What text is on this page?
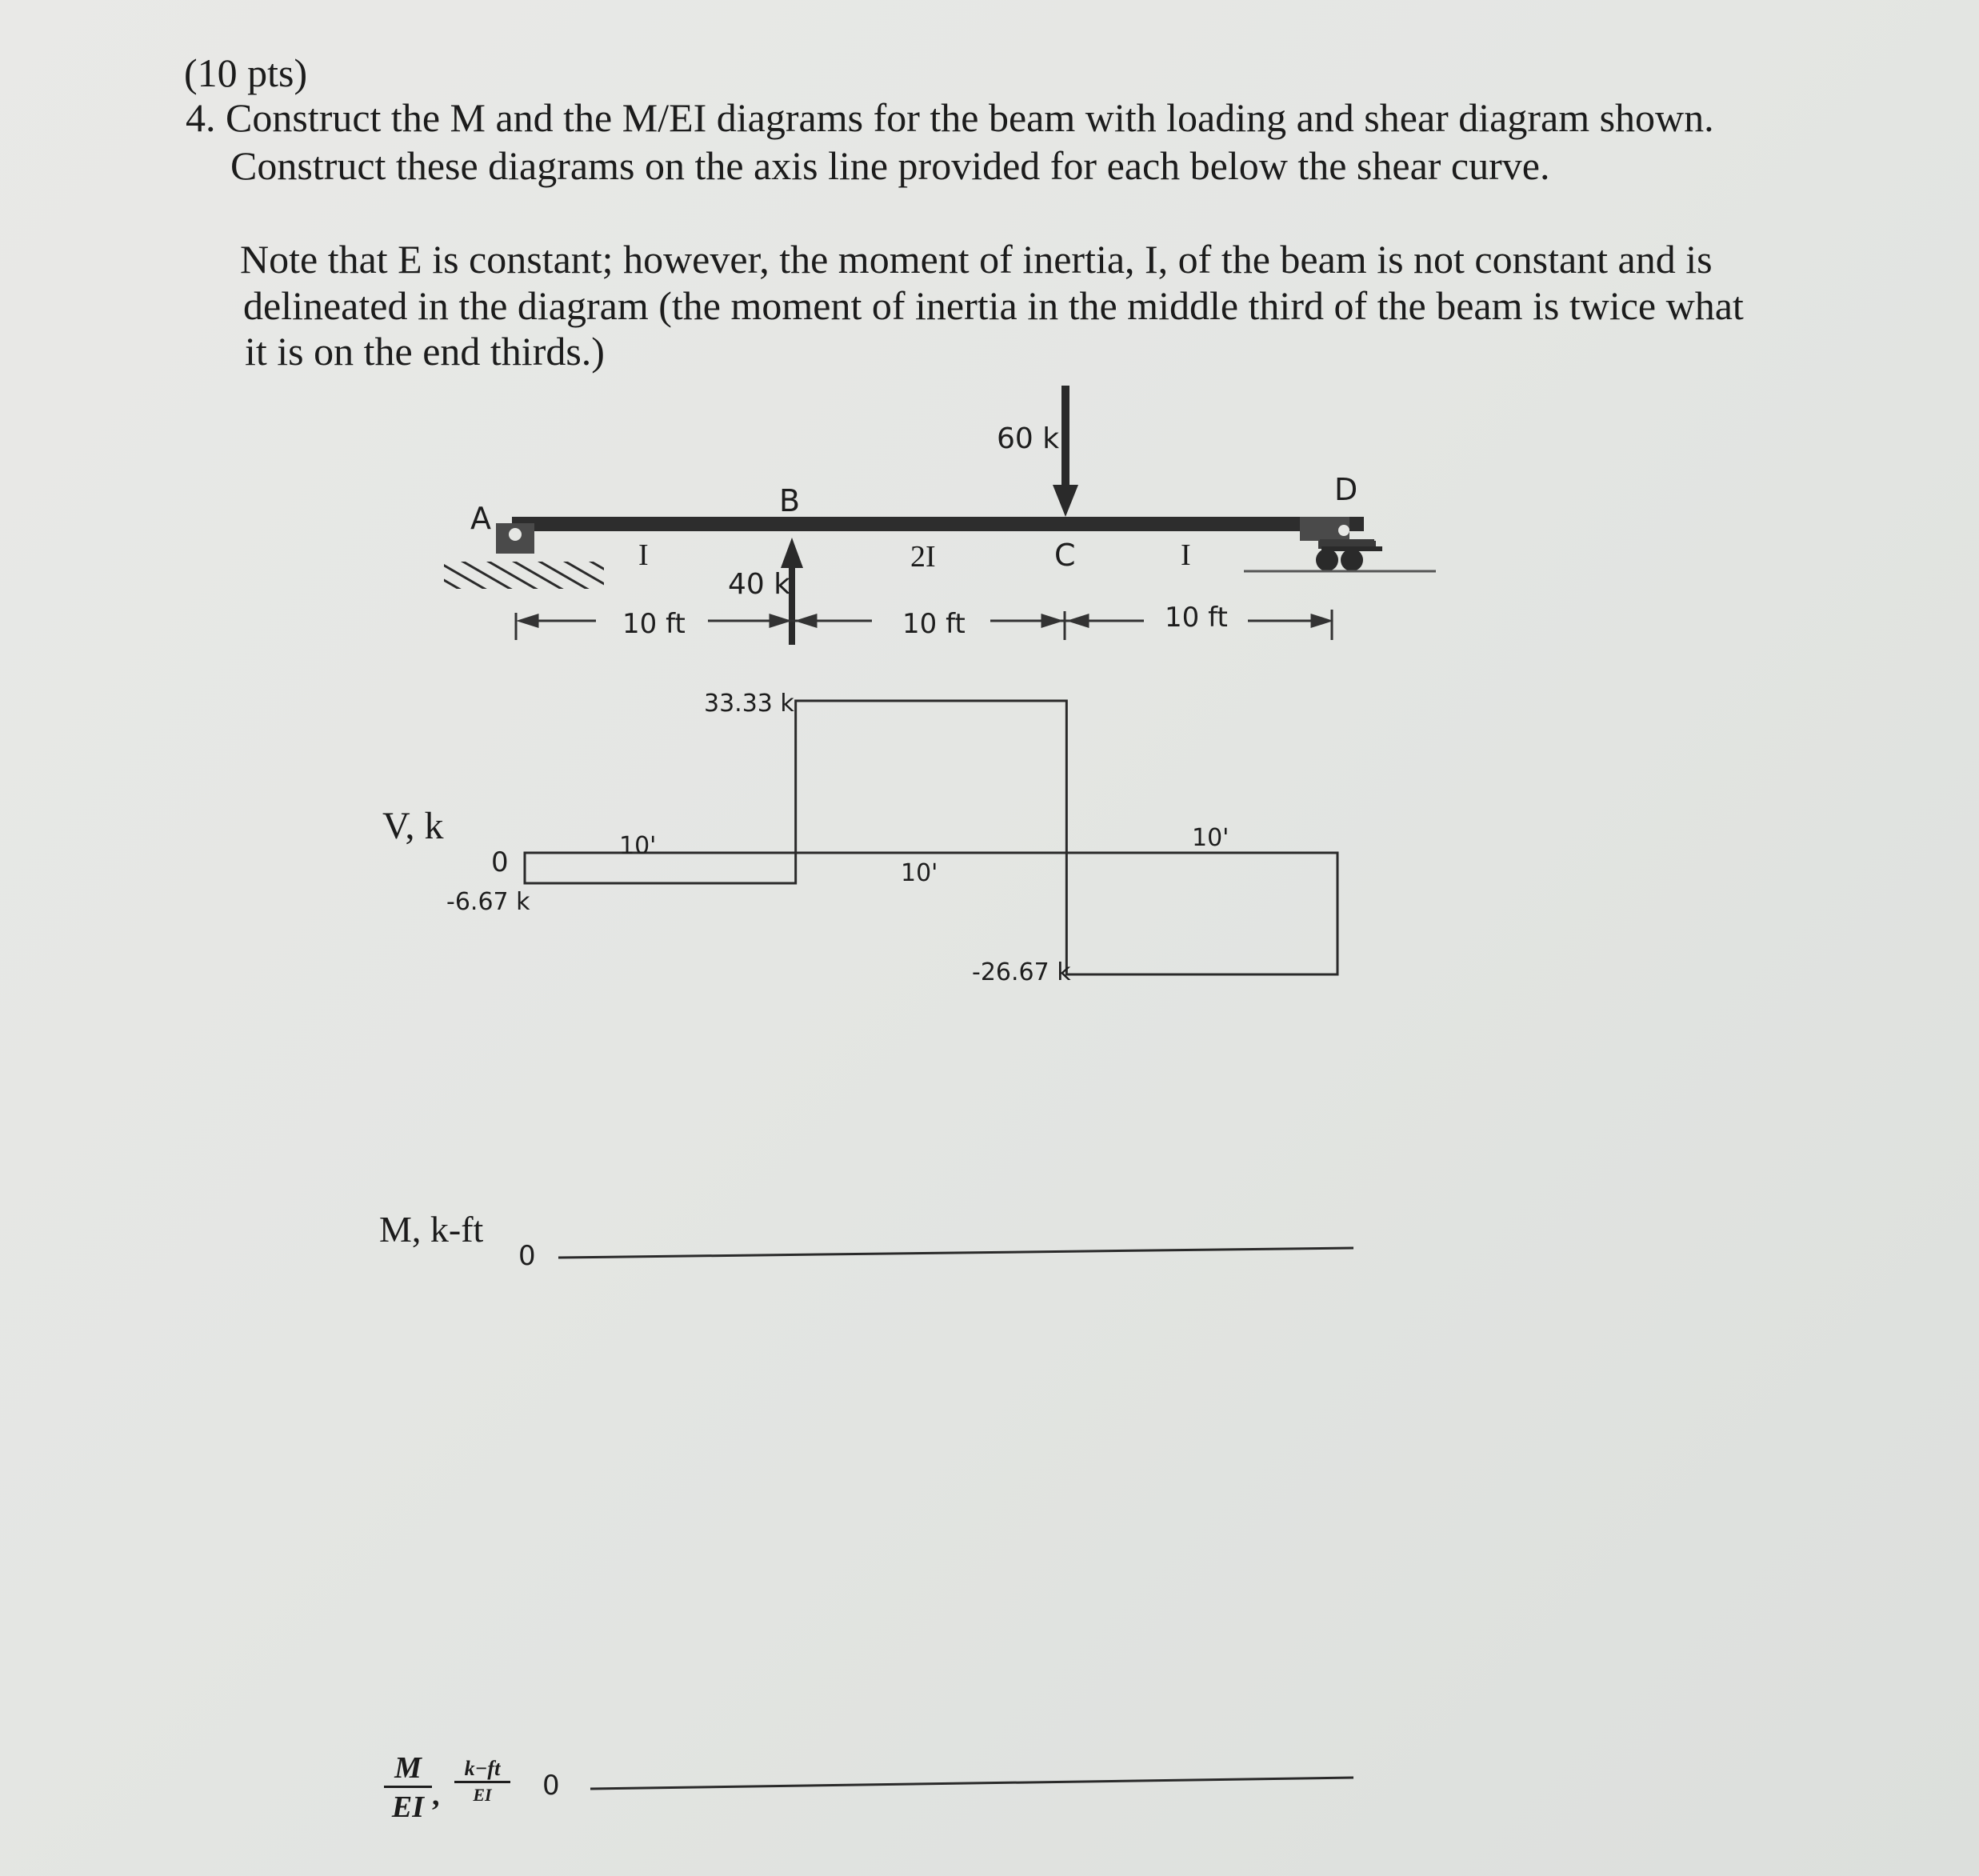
(10 pts)

4. Construct the M and the M/EI diagrams for the beam with loading and shear diagram shown.

Construct these diagrams on the axis line provided for each below the shear curve.

Note that E is constant; however, the moment of inertia, I, of the beam is not constant and is

delineated in the diagram (the moment of inertia in the middle third of the beam is twice what

it is on the end thirds.)

A	B
C
D
60 k
40 k
I	2I	I
10 ft	10 ft	10 ft
V, k
0
-6.67 k
33.33 k
-26.67 k
10'
10'
10'
M, k-ft
0
$\frac{M}{EI}$ ,
k−ft
EI	0
